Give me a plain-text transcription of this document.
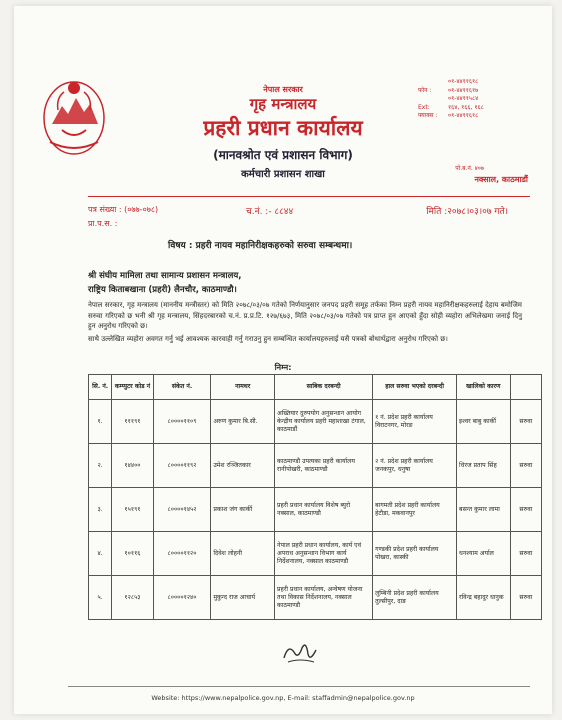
नेपाल सरकार
गृह मन्त्रालय
प्रहरी प्रधान कार्यालय
(मानवश्रोत एवं प्रशासन विभाग)
कर्मचारी प्रशासन शाखा
०१-४४११६१८
फोन :	०१-४४११६१७
०१-४४११५८४
Ext:	१६४, १६६, १६८
फ्याक्स :	०१-४४११६१८
पो.ब.नं. ४०७
नक्साल, काठमाडौं
पत्र संख्या : (०७७-०७८)
प्रा.प.स. :
च.नं. :- ८८४४	मिति :२०७८।०३।०७ गते।
विषय : प्रहरी नायव महानिरीक्षकहरुको सरुवा सम्बन्धमा।
श्री संघीय मामिला तथा सामान्य प्रशासन मन्त्रालय,
राष्ट्रिय किताबखाना (प्रहरी) लैनचौर, काठमाण्डौ।
नेपाल सरकार, गृह मन्त्रालय (माननीय मन्त्रीस्तर) को मिति २०७८/०३/०७ गतेको निर्णयानुसार जनपद प्रहरी समूह तर्फका निम्न प्रहरी नायव महानिरीक्षकहरुलाई देहाय बमोजिम सरुवा गरिएको छ भनी श्री गृह मन्त्रालय, सिंहदरबारको च.नं. प्र.प्र.टि. १२७/६७३, मिति २०७८/०३/०७ गतेको पत्र प्राप्त हुन आएको हुँदा सोही व्यहोरा अभिलेखमा जनाई दिनु हुन अनुरोध गरिएको छ।
साथै उल्लेखित व्यहोरा अवगत गर्नु भई आवश्यक कारवाही गर्नु गराउनु हुन सम्बन्धित कार्यालयहरुलाई यसै पत्रको बोधार्थद्वारा अनुरोध गरिएको छ।
निम्न:
सि. नं.	कम्प्युटर कोड नं	संकेत नं.	नामथर	साबिक दरबन्दी	हाल सरुवा भएको दरबन्दी	खालिको कारण	
१.	१११९१	८००००११०९	अरुण कुमार बि.सी.	अख्तियार दुरुपयोग अनुसन्धान आयोग केन्द्रीय कार्यालय प्रहरी महाशाखा टंगाल, काठमाडौं	१ नं. प्रदेश प्रहरी कार्यालय विराटनगर, मोरङ	इश्वर बाबु कार्की	सरुवा
२.	१४४००	८००००११९२	उमेश रञ्जितकार	काठमाण्डौ उपत्यका प्रहरी कार्यालय रानीपोखरी, काठमाण्डौ	२ नं. प्रदेश प्रहरी कार्यालय जनकपुर, धनुषा	धिरज प्रताप सिंह	सरुवा
३.	१५१९१	८००००१४५२	प्रकाश जंग कार्की	प्रहरी प्रधान कार्यालय विशेष ब्युरो नक्साल, काठमाण्डौ	बागमती प्रदेश प्रहरी कार्यालय हेटौडा, मकवानपुर	बसन्त कुमार लामा	सरुवा
४.	१०११६	८००००११२०	दिवेश लोहनी	नेपाल प्रहरी प्रधान कार्यालय, कार्य एवं अपराध अनुसन्धान विभाग कार्य निर्देशनालय, नक्साल काठमाण्डौ	गण्डकी प्रदेश प्रहरी कार्यालय पोखरा, कास्की	धनश्याम अर्याल	सरुवा
५.	१२८५३	८००००१२४०	मुकुन्द राज आचार्य	प्रहरी प्रधान कार्यालय, अन्वेषण योजना तथा विकास निर्देशनालय, नक्साल काठमाण्डौ	लुम्बिनी प्रदेश प्रहरी कार्यालय तुल्सीपुर, दाङ	रविन्द्र बहादुर धानुक	सरुवा
Website: https://www.nepalpolice.gov.np, E-mail: staffadmin@nepalpolice.gov.np
